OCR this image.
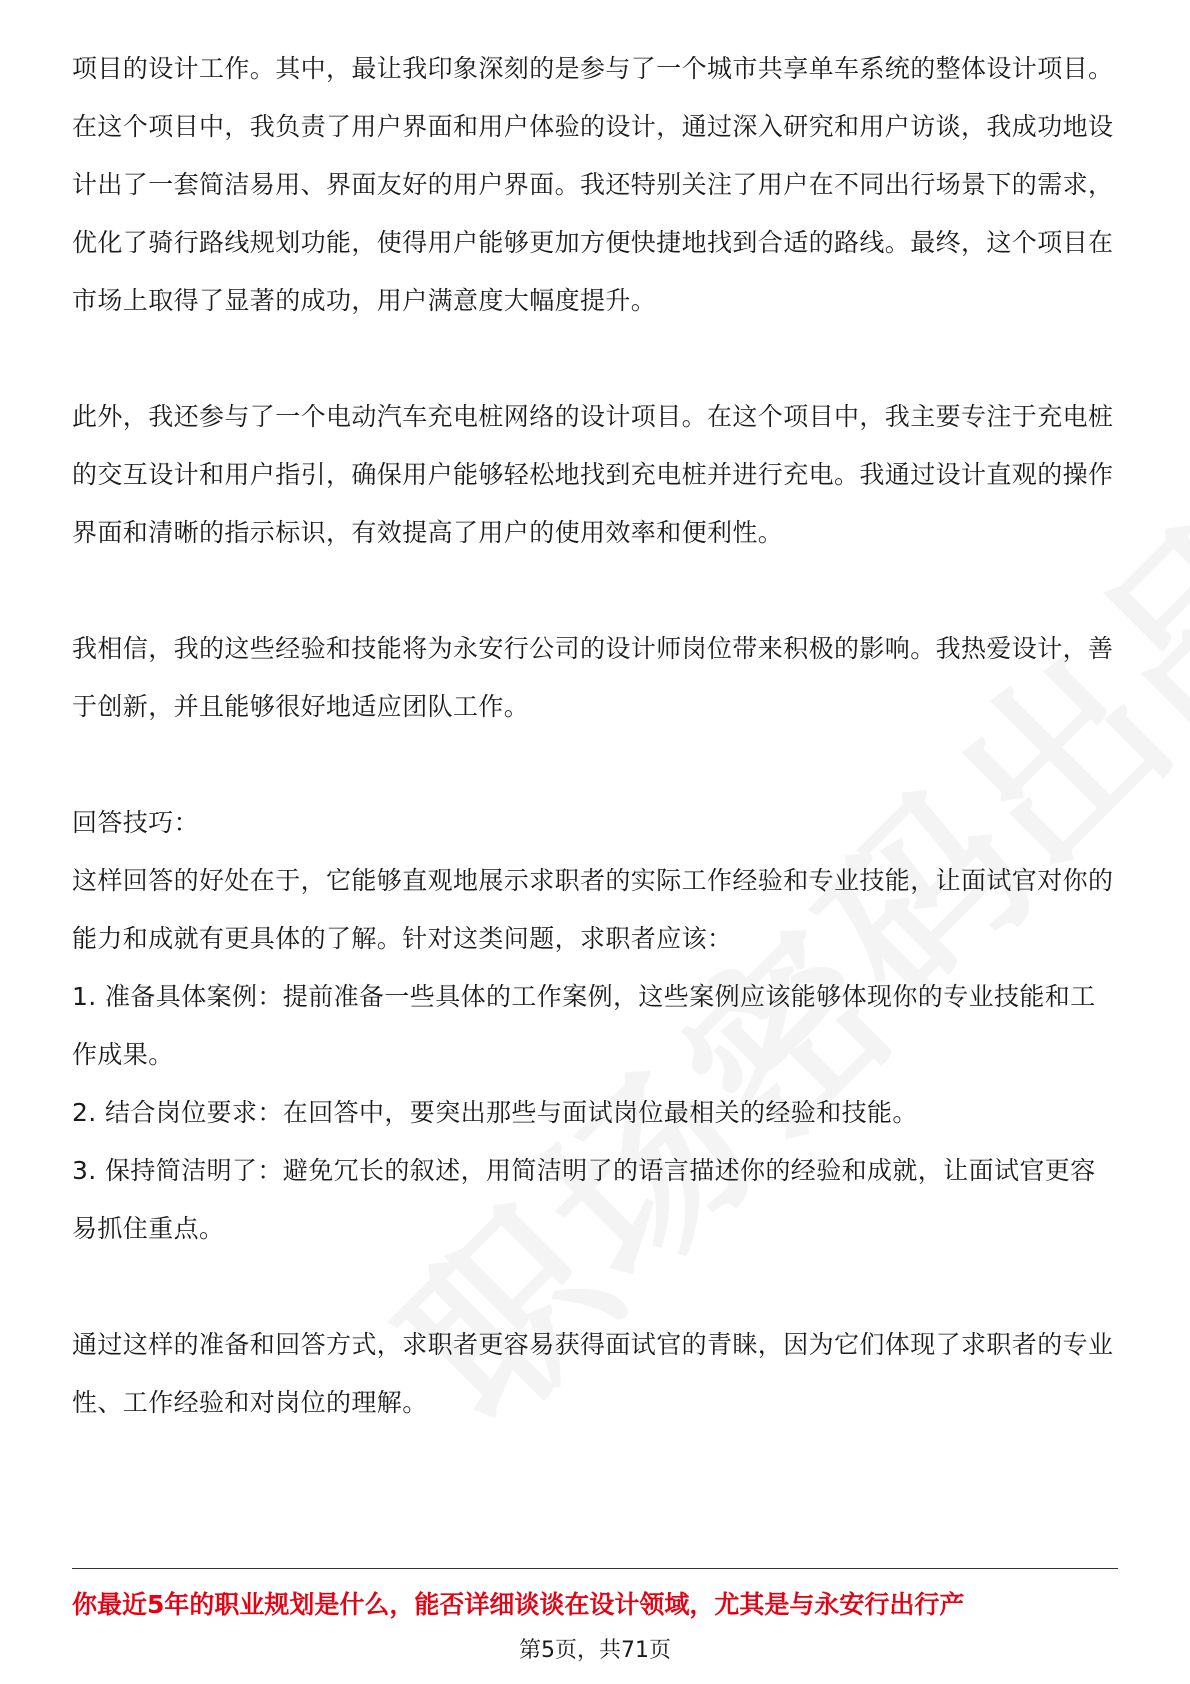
项目的设计工作。其中，最让我印象深刻的是参与了一个城市共享单车系统的整体设计项目。在这个项目中，我负责了用户界面和用户体验的设计，通过深入研究和用户访谈，我成功地设计出了一套简洁易用、界面友好的用户界面。我还特别关注了用户在不同出行场景下的需求，优化了骑行路线规划功能，使得用户能够更加方便快捷地找到合适的路线。最终，这个项目在市场上取得了显著的成功，用户满意度大幅度提升。

此外，我还参与了一个电动汽车充电桩网络的设计项目。在这个项目中，我主要专注于充电桩的交互设计和用户指引，确保用户能够轻松地找到充电桩并进行充电。我通过设计直观的操作界面和清晰的指示标识，有效提高了用户的使用效率和便利性。

我相信，我的这些经验和技能将为永安行公司的设计师岗位带来积极的影响。我热爱设计，善于创新，并且能够很好地适应团队工作。

回答技巧：

这样回答的好处在于，它能够直观地展示求职者的实际工作经验和专业技能，让面试官对你的能力和成就有更具体的了解。针对这类问题，求职者应该：

1. 准备具体案例：提前准备一些具体的工作案例，这些案例应该能够体现你的专业技能和工作成果。

2. 结合岗位要求：在回答中，要突出那些与面试岗位最相关的经验和技能。

3. 保持简洁明了：避免冗长的叙述，用简洁明了的语言描述你的经验和成就，让面试官更容易抓住重点。

通过这样的准备和回答方式，求职者更容易获得面试官的青睐，因为它们体现了求职者的专业性、工作经验和对岗位的理解。

你最近5年的职业规划是什么，能否详细谈谈在设计领域，尤其是与永安行出行产
第5页，共71页
